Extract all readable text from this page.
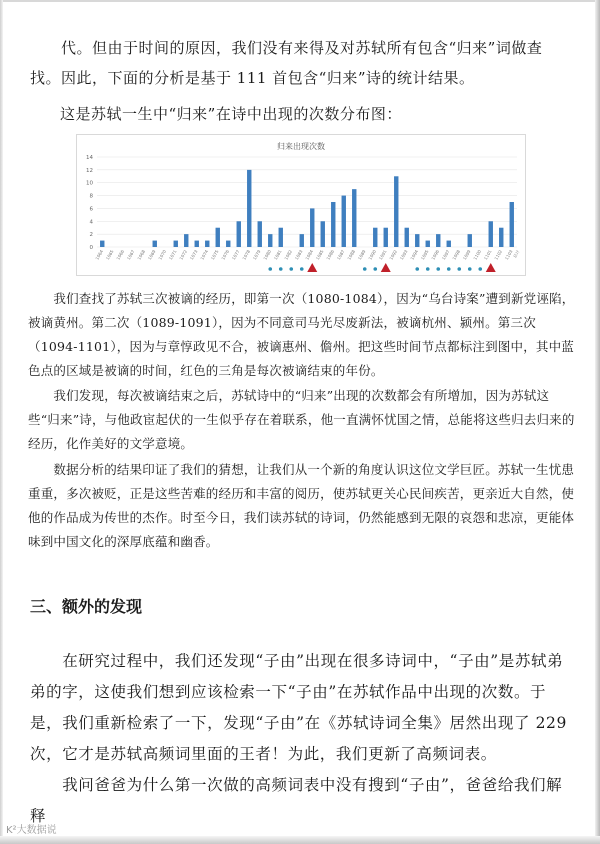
　　代。但由于时间的原因，我们没有来得及对苏轼所有包含“归来”词做查找。因此，下面的分析是基于 111 首包含“归来”诗的统计结果。

这是苏轼一生中“归来”在诗中出现的次数分布图：

归来出现次数
0
2
4
6
8
10
12
14
1064 1065 1066 1067 1068 1069 1070 1071 1072 1073 1074 1075 1076 1077 1078 1079 1080 1081 1082 1083 1084 1085 1086 1087 1088 1089 1090 1091 1092 1093 1094 1095 1096 1097 1098 1099 1100 1101 1102 1103
总计

　　我们查找了苏轼三次被谪的经历，即第一次（1080-1084），因为“乌台诗案”遭到新党诬陷，被谪黄州。第二次（1089-1091），因为不同意司马光尽废新法，被谪杭州、颍州。第三次（1094-1101），因为与章惇政见不合，被谪惠州、儋州。把这些时间节点都标注到图中，其中蓝色点的区域是被谪的时间，红色的三角是每次被谪结束的年份。

　　我们发现，每次被谪结束之后，苏轼诗中的“归来”出现的次数都会有所增加，因为苏轼这些“归来”诗，与他政宦起伏的一生似乎存在着联系，他一直满怀忧国之情，总能将这些归去归来的经历，化作美好的文学意境。

　　数据分析的结果印证了我们的猜想，让我们从一个新的角度认识这位文学巨匠。苏轼一生忧患重重，多次被贬，正是这些苦难的经历和丰富的阅历，使苏轼更关心民间疾苦，更亲近大自然，使他的作品成为传世的杰作。时至今日，我们读苏轼的诗词，仍然能感到无限的哀怨和悲凉，更能体味到中国文化的深厚底蕴和幽香。

三、额外的发现

　　在研究过程中，我们还发现“子由”出现在很多诗词中，“子由”是苏轼弟弟的字，这使我们想到应该检索一下“子由”在苏轼作品中出现的次数。于是，我们重新检索了一下，发现“子由”在《苏轼诗词全集》居然出现了 229 次，它才是苏轼高频词里面的王者！为此，我们更新了高频词表。

　　我问爸爸为什么第一次做的高频词表中没有搜到“子由”，爸爸给我们解释

K²大数据说
